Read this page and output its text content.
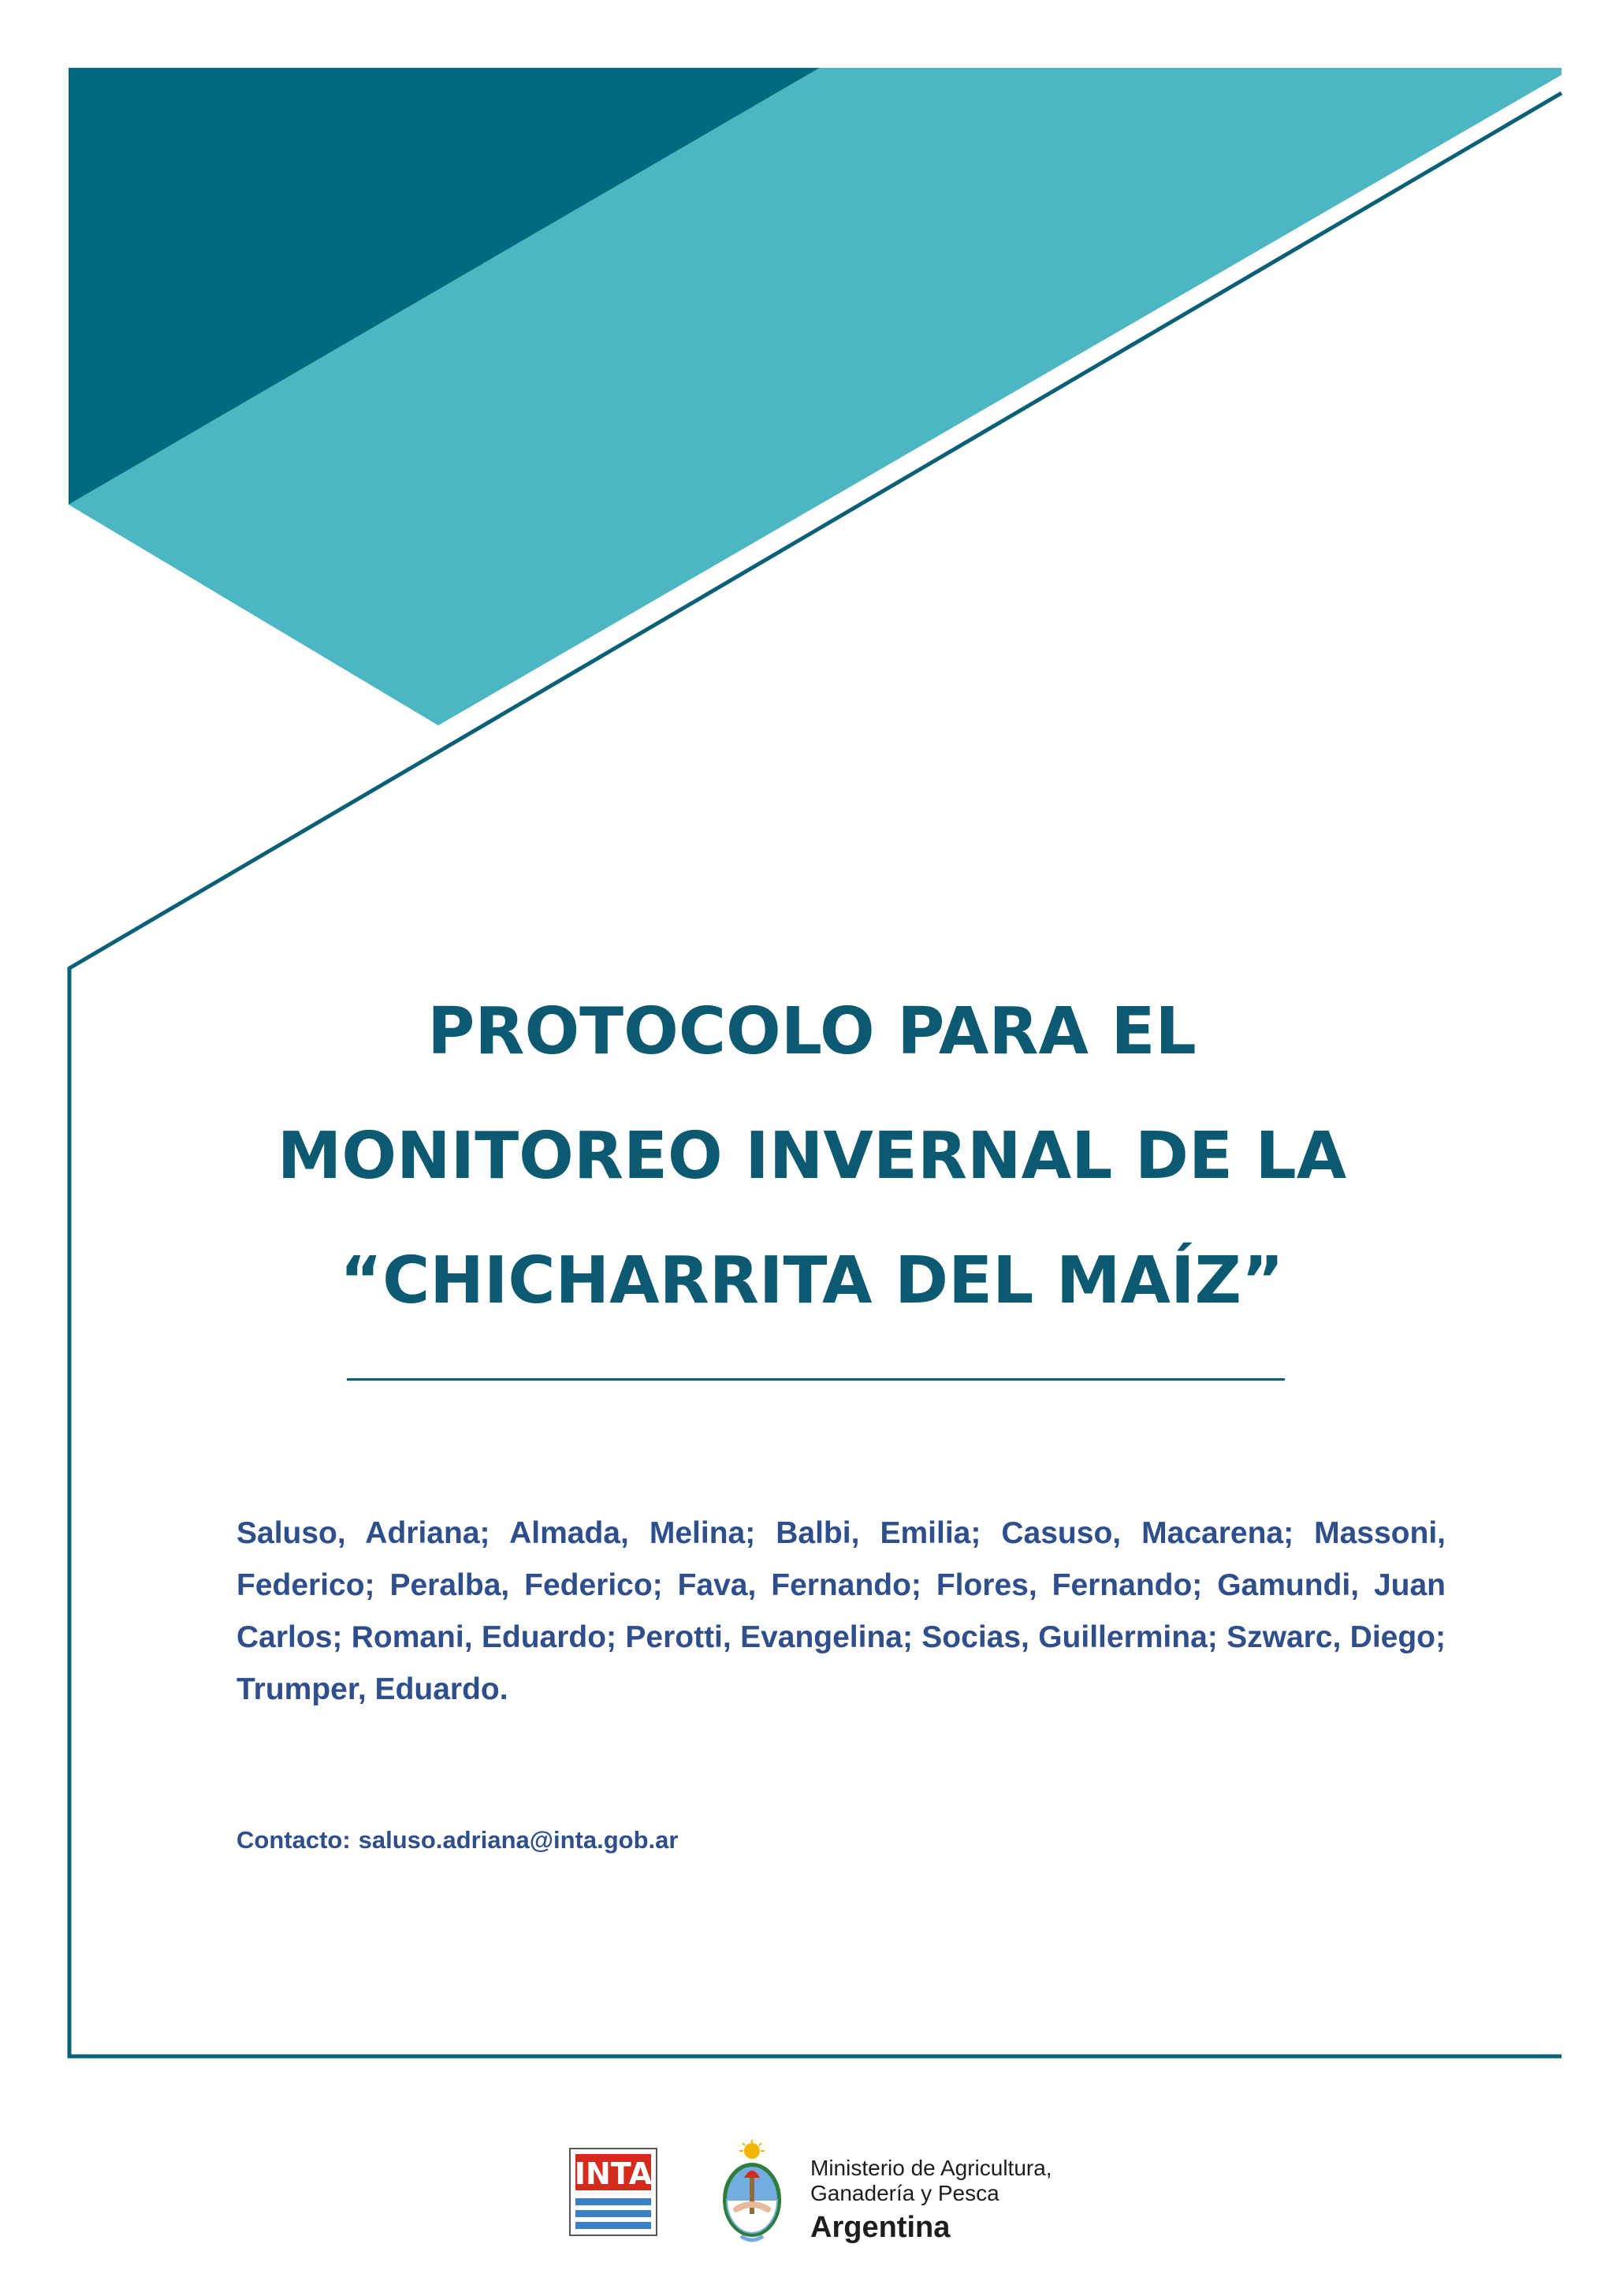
PROTOCOLO PARA EL
MONITOREO INVERNAL DE LA
“CHICHARRITA DEL MAÍZ”
Saluso, Adriana; Almada, Melina; Balbi, Emilia; Casuso, Macarena; Massoni, Federico; Peralba, Federico; Fava, Fernando; Flores, Fernando; Gamundi, Juan Carlos; Romani, Eduardo; Perotti, Evangelina; Socias, Guillermina; Szwarc, Diego; Trumper, Eduardo.
Contacto: saluso.adriana@inta.gob.ar
INTA	Ministerio de Agricultura,
Ganadería y Pesca
Argentina
